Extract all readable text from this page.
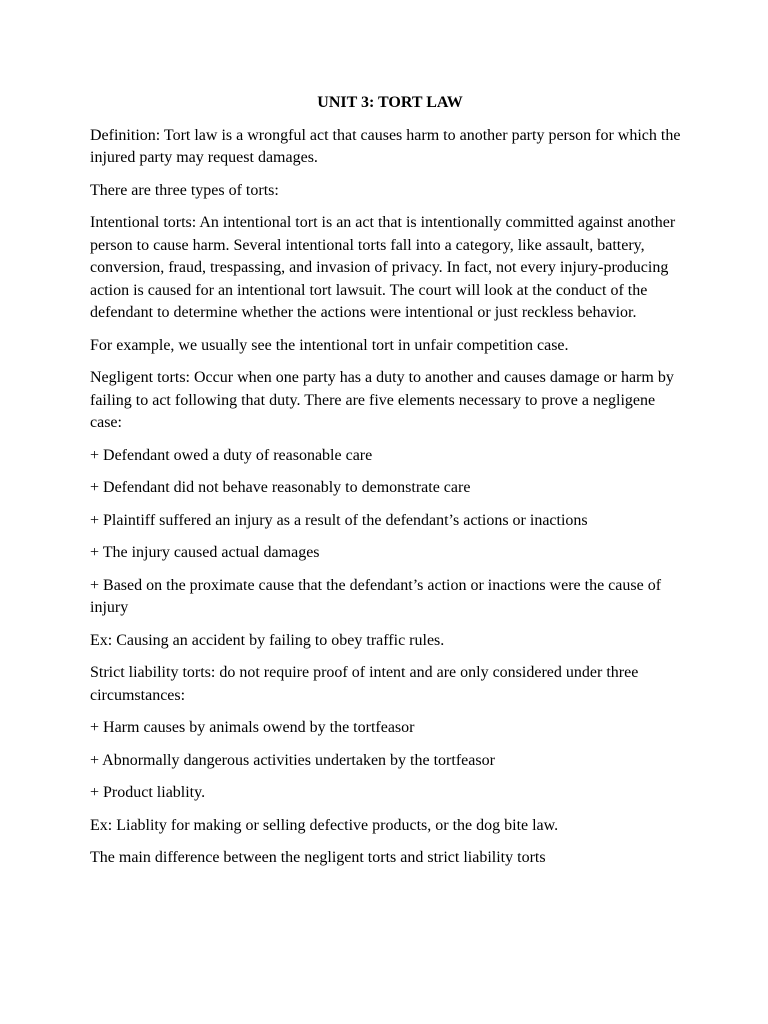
UNIT 3: TORT LAW

Definition: Tort law is a wrongful act that causes harm to another party person for which the injured party may request damages.

There are three types of torts:

Intentional torts: An intentional tort is an act that is intentionally committed against another person to cause harm. Several intentional torts fall into a category, like assault, battery, conversion, fraud, trespassing, and invasion of privacy. In fact, not every injury-producing action is caused for an intentional tort lawsuit. The court will look at the conduct of the defendant to determine whether the actions were intentional or just reckless behavior.

For example, we usually see the intentional tort in unfair competition case.

Negligent torts: Occur when one party has a duty to another and causes damage or harm by failing to act following that duty. There are five elements necessary to prove a negligene case:

+ Defendant owed a duty of reasonable care

+ Defendant did not behave reasonably to demonstrate care

+ Plaintiff suffered an injury as a result of the defendant’s actions or inactions

+ The injury caused actual damages

+ Based on the proximate cause that the defendant’s action or inactions were the cause of injury

Ex: Causing an accident by failing to obey traffic rules.

Strict liability torts: do not require proof of intent and are only considered under three circumstances:

+ Harm causes by animals owend by the tortfeasor

+ Abnormally dangerous activities undertaken by the tortfeasor

+ Product liablity.

Ex: Liablity for making or selling defective products, or the dog bite law.

The main difference between the negligent torts and strict liability torts
